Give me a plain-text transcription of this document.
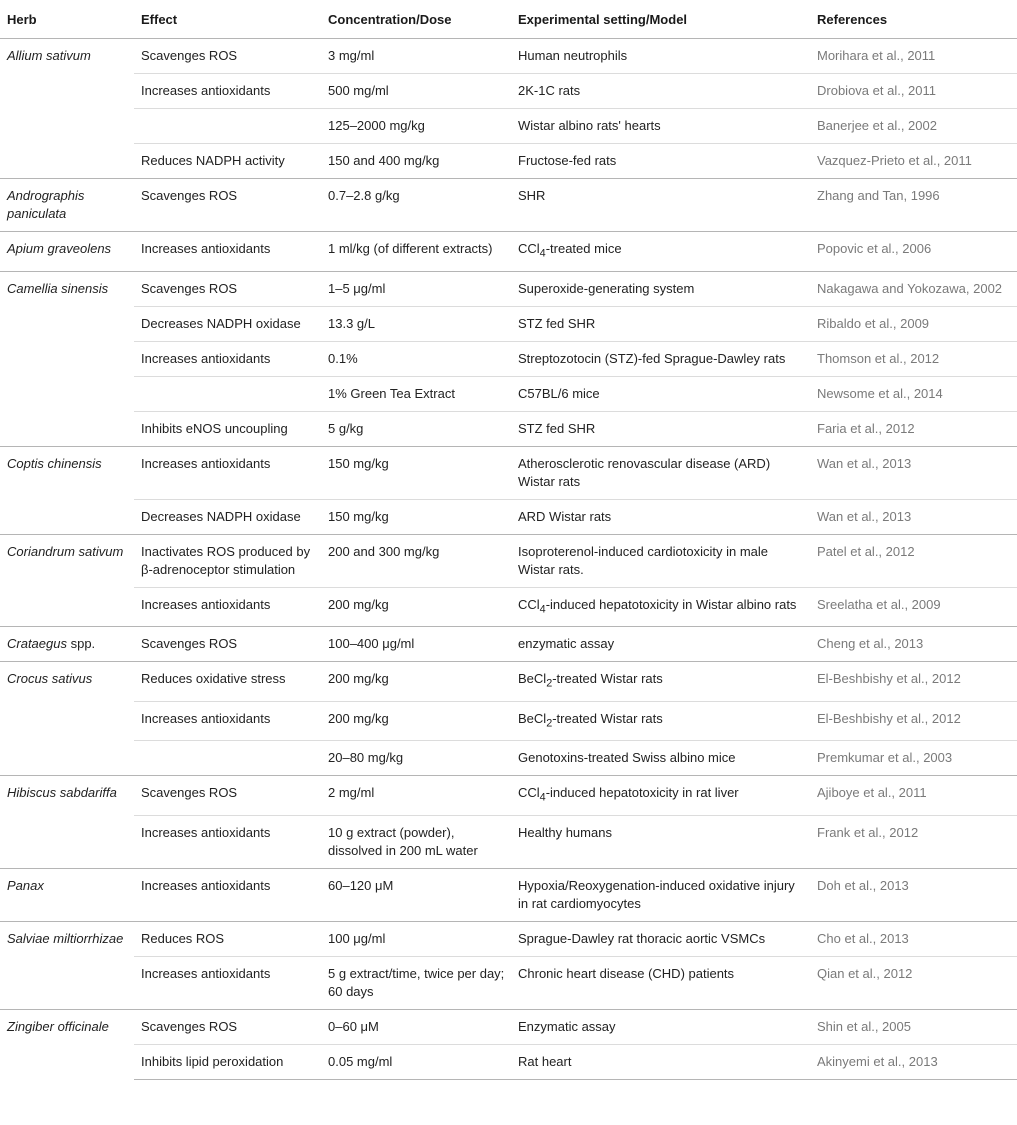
Herb	Effect	Concentration/Dose	Experimental setting/Model	References
Allium sativum	Scavenges ROS	3 mg/ml	Human neutrophils	Morihara et al., 2011
	Increases antioxidants	500 mg/ml	2K-1C rats	Drobiova et al., 2011
		125–2000 mg/kg	Wistar albino rats' hearts	Banerjee et al., 2002
	Reduces NADPH activity	150 and 400 mg/kg	Fructose-fed rats	Vazquez-Prieto et al., 2011
Andrographis paniculata	Scavenges ROS	0.7–2.8 g/kg	SHR	Zhang and Tan, 1996
Apium graveolens	Increases antioxidants	1 ml/kg (of different extracts)	CCl$_4$-treated mice	Popovic et al., 2006
Camellia sinensis	Scavenges ROS	1–5 μg/ml	Superoxide-generating system	Nakagawa and Yokozawa, 2002
	Decreases NADPH oxidase	13.3 g/L	STZ fed SHR	Ribaldo et al., 2009
	Increases antioxidants	0.1%	Streptozotocin (STZ)-fed Sprague-Dawley rats	Thomson et al., 2012
		1% Green Tea Extract	C57BL/6 mice	Newsome et al., 2014
	Inhibits eNOS uncoupling	5 g/kg	STZ fed SHR	Faria et al., 2012
Coptis chinensis	Increases antioxidants	150 mg/kg	Atherosclerotic renovascular disease (ARD) Wistar rats	Wan et al., 2013
	Decreases NADPH oxidase	150 mg/kg	ARD Wistar rats	Wan et al., 2013
Coriandrum sativum	Inactivates ROS produced by β-adrenoceptor stimulation	200 and 300 mg/kg	Isoproterenol-induced cardiotoxicity in male Wistar rats.	Patel et al., 2012
	Increases antioxidants	200 mg/kg	CCl$_4$-induced hepatotoxicity in Wistar albino rats	Sreelatha et al., 2009
Crataegus spp.	Scavenges ROS	100–400 μg/ml	enzymatic assay	Cheng et al., 2013
Crocus sativus	Reduces oxidative stress	200 mg/kg	BeCl$_2$-treated Wistar rats	El-Beshbishy et al., 2012
	Increases antioxidants	200 mg/kg	BeCl$_2$-treated Wistar rats	El-Beshbishy et al., 2012
		20–80 mg/kg	Genotoxins-treated Swiss albino mice	Premkumar et al., 2003
Hibiscus sabdariffa	Scavenges ROS	2 mg/ml	CCl$_4$-induced hepatotoxicity in rat liver	Ajiboye et al., 2011
	Increases antioxidants	10 g extract (powder), dissolved in 200 mL water	Healthy humans	Frank et al., 2012
Panax	Increases antioxidants	60–120 μM	Hypoxia/Reoxygenation-induced oxidative injury in rat cardiomyocytes	Doh et al., 2013
Salviae miltiorrhizae	Reduces ROS	100 μg/ml	Sprague-Dawley rat thoracic aortic VSMCs	Cho et al., 2013
	Increases antioxidants	5 g extract/time, twice per day; 60 days	Chronic heart disease (CHD) patients	Qian et al., 2012
Zingiber officinale	Scavenges ROS	0–60 μM	Enzymatic assay	Shin et al., 2005
	Inhibits lipid peroxidation	0.05 mg/ml	Rat heart	Akinyemi et al., 2013
